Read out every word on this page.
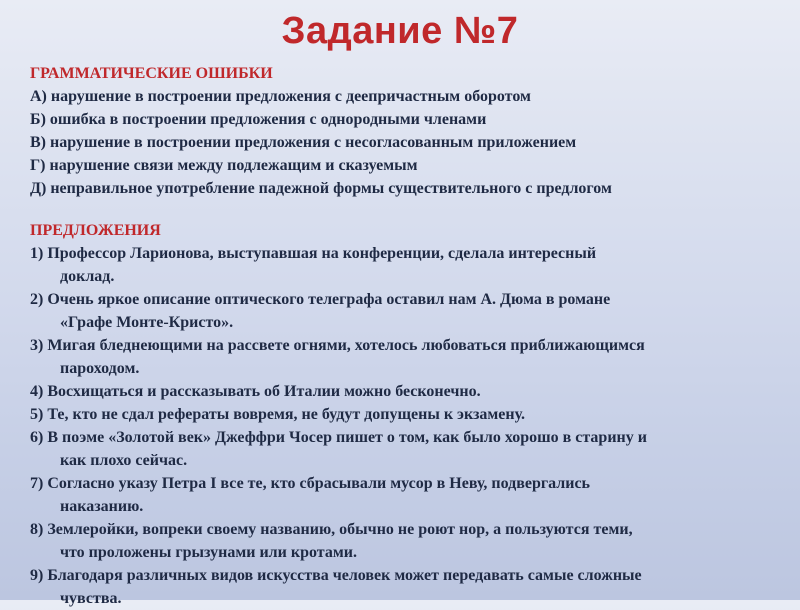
Задание №7
ГРАММАТИЧЕСКИЕ ОШИБКИ
А) нарушение в построении предложения с деепричастным оборотом
Б) ошибка в построении предложения с однородными членами
В) нарушение в построении предложения с несогласованным приложением
Г) нарушение связи между подлежащим и сказуемым
Д) неправильное употребление падежной формы существительного с предлогом
ПРЕДЛОЖЕНИЯ
1) Профессор Ларионова, выступавшая на конференции, сделала интересный
доклад.
2) Очень яркое описание оптического телеграфа оставил нам А. Дюма в романе
«Графе Монте-Кристо».
3) Мигая бледнеющими на рассвете огнями, хотелось любоваться приближающимся
пароходом.
4) Восхищаться и рассказывать об Италии можно бесконечно.
5) Те, кто не сдал рефераты вовремя, не будут допущены к экзамену.
6) В поэме «Золотой век» Джеффри Чосер пишет о том, как было хорошо в старину и
как плохо сейчас.
7) Согласно указу Петра I все те, кто сбрасывали мусор в Неву, подвергались
наказанию.
8) Землеройки, вопреки своему названию, обычно не роют нор, а пользуются теми,
что проложены грызунами или кротами.
9) Благодаря различных видов искусства человек может передавать самые сложные
чувства.
